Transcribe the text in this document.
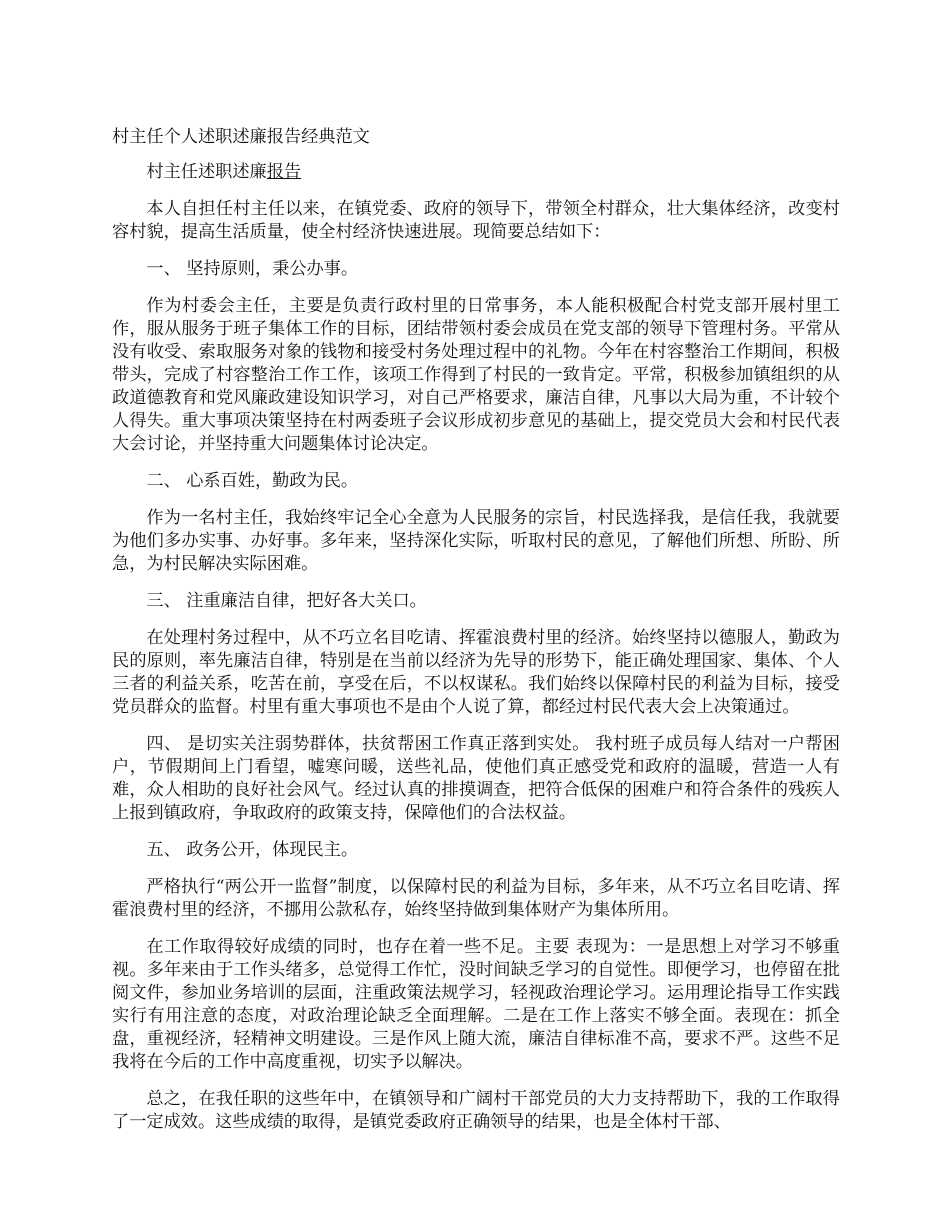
村主任个人述职述廉报告经典范文
村主任述职述廉报告
本人自担任村主任以来，在镇党委、政府的领导下，带领全村群众，壮大集体经济，改变村容村貌，提高生活质量，使全村经济快速进展。现简要总结如下：
一、 坚持原则，秉公办事。
作为村委会主任，主要是负责行政村里的日常事务，本人能积极配合村党支部开展村里工作，服从服务于班子集体工作的目标，团结带领村委会成员在党支部的领导下管理村务。平常从没有收受、索取服务对象的钱物和接受村务处理过程中的礼物。今年在村容整治工作期间，积极带头，完成了村容整治工作工作，该项工作得到了村民的一致肯定。平常，积极参加镇组织的从政道德教育和党风廉政建设知识学习，对自己严格要求，廉洁自律，凡事以大局为重，不计较个人得失。重大事项决策坚持在村两委班子会议形成初步意见的基础上，提交党员大会和村民代表大会讨论，并坚持重大问题集体讨论决定。
二、 心系百姓，勤政为民。
作为一名村主任，我始终牢记全心全意为人民服务的宗旨，村民选择我，是信任我，我就要为他们多办实事、办好事。多年来，坚持深化实际，听取村民的意见，了解他们所想、所盼、所急，为村民解决实际困难。
三、 注重廉洁自律，把好各大关口。
在处理村务过程中，从不巧立名目吃请、挥霍浪费村里的经济。始终坚持以德服人，勤政为民的原则，率先廉洁自律，特别是在当前以经济为先导的形势下，能正确处理国家、集体、个人三者的利益关系，吃苦在前，享受在后，不以权谋私。我们始终以保障村民的利益为目标，接受党员群众的监督。村里有重大事项也不是由个人说了算，都经过村民代表大会上决策通过。
四、 是切实关注弱势群体，扶贫帮困工作真正落到实处。 我村班子成员每人结对一户帮困户，节假期间上门看望，嘘寒问暖，送些礼品，使他们真正感受党和政府的温暖，营造一人有难，众人相助的良好社会风气。经过认真的排摸调查，把符合低保的困难户和符合条件的残疾人上报到镇政府，争取政府的政策支持，保障他们的合法权益。
五、 政务公开，体现民主。
严格执行“两公开一监督”制度，以保障村民的利益为目标，多年来，从不巧立名目吃请、挥霍浪费村里的经济，不挪用公款私存，始终坚持做到集体财产为集体所用。
在工作取得较好成绩的同时，也存在着一些不足。主要 表现为：一是思想上对学习不够重视。多年来由于工作头绪多，总觉得工作忙，没时间缺乏学习的自觉性。即便学习，也停留在批阅文件，参加业务培训的层面，注重政策法规学习，轻视政治理论学习。运用理论指导工作实践实行有用注意的态度，对政治理论缺乏全面理解。二是在工作上落实不够全面。表现在：抓全盘，重视经济，轻精神文明建设。三是作风上随大流，廉洁自律标准不高，要求不严。这些不足我将在今后的工作中高度重视，切实予以解决。
总之，在我任职的这些年中，在镇领导和广阔村干部党员的大力支持帮助下，我的工作取得了一定成效。这些成绩的取得，是镇党委政府正确领导的结果，也是全体村干部、
